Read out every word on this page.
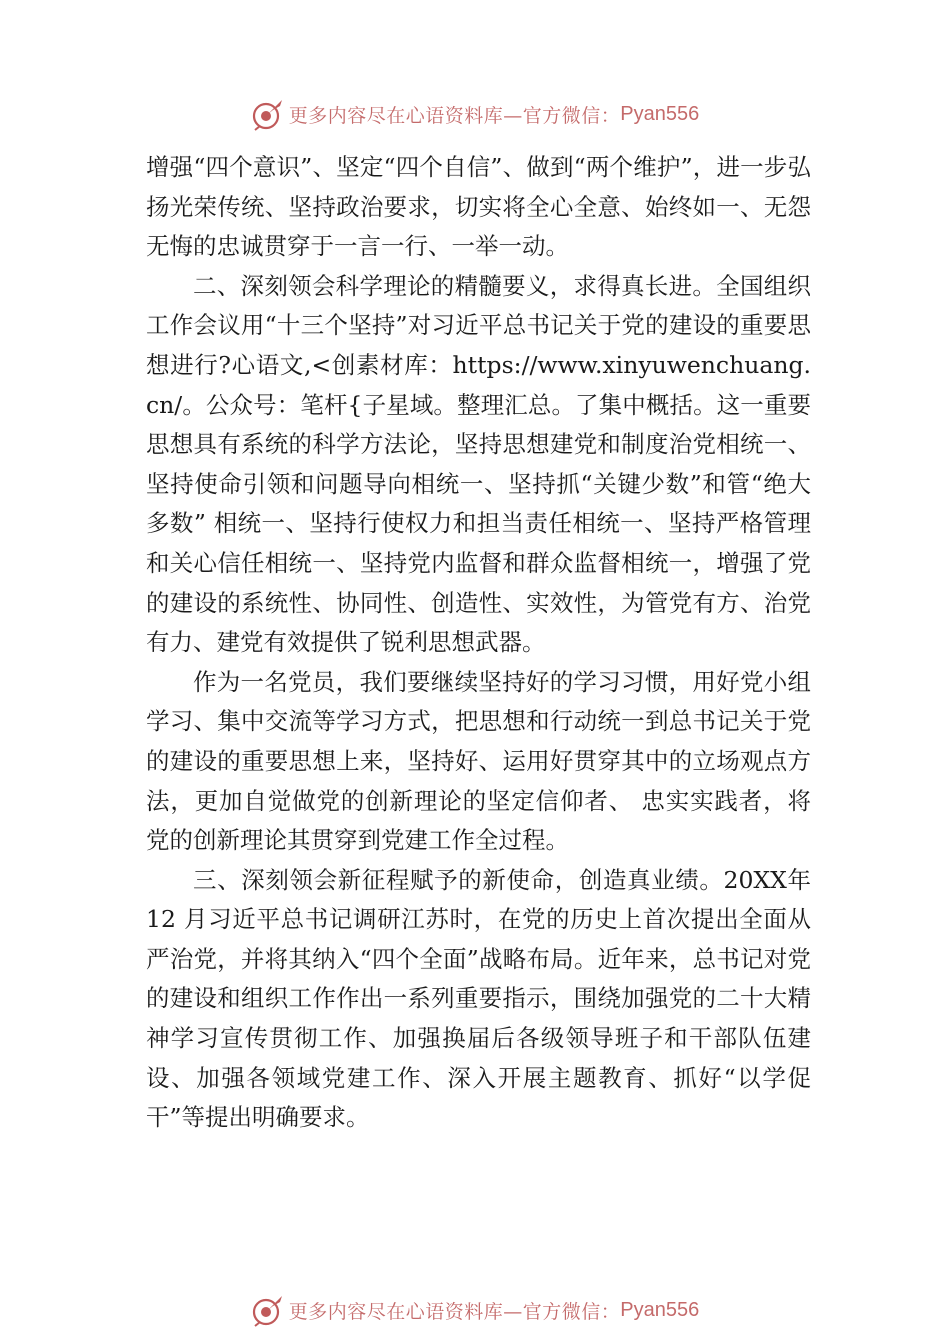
更多内容尽在心语资料库—官方微信： Pyan556

增强“四个意识”、坚定“四个自信”、做到“两个维护”，进一步弘扬光荣传统、坚持政治要求，切实将全心全意、始终如一、无怨无悔的忠诚贯穿于一言一行、一举一动。

二、深刻领会科学理论的精髓要义，求得真长进。全国组织工作会议用“十三个坚持”对习近平总书记关于党的建设的重要思想进行?心语文,<创素材库：https://www.xinyuwenchuang.cn/。公众号：笔杆{子星域。整理汇总。了集中概括。这一重要思想具有系统的科学方法论，坚持思想建党和制度治党相统一、坚持使命引领和问题导向相统一、坚持抓“关键少数”和管“绝大多数” 相统一、坚持行使权力和担当责任相统一、坚持严格管理和关心信任相统一、坚持党内监督和群众监督相统一，增强了党的建设的系统性、协同性、创造性、实效性，为管党有方、治党有力、建党有效提供了锐利思想武器。

作为一名党员，我们要继续坚持好的学习习惯，用好党小组学习、集中交流等学习方式，把思想和行动统一到总书记关于党的建设的重要思想上来，坚持好、运用好贯穿其中的立场观点方法，更加自觉做党的创新理论的坚定信仰者、 忠实实践者，将党的创新理论其贯穿到党建工作全过程。

三、深刻领会新征程赋予的新使命，创造真业绩。20XX年 12 月习近平总书记调研江苏时，在党的历史上首次提出全面从严治党，并将其纳入“四个全面”战略布局。近年来，总书记对党的建设和组织工作作出一系列重要指示，围绕加强党的二十大精神学习宣传贯彻工作、加强换届后各级领导班子和干部队伍建设、加强各领域党建工作、深入开展主题教育、抓好“以学促干”等提出明确要求。

更多内容尽在心语资料库—官方微信： Pyan556
